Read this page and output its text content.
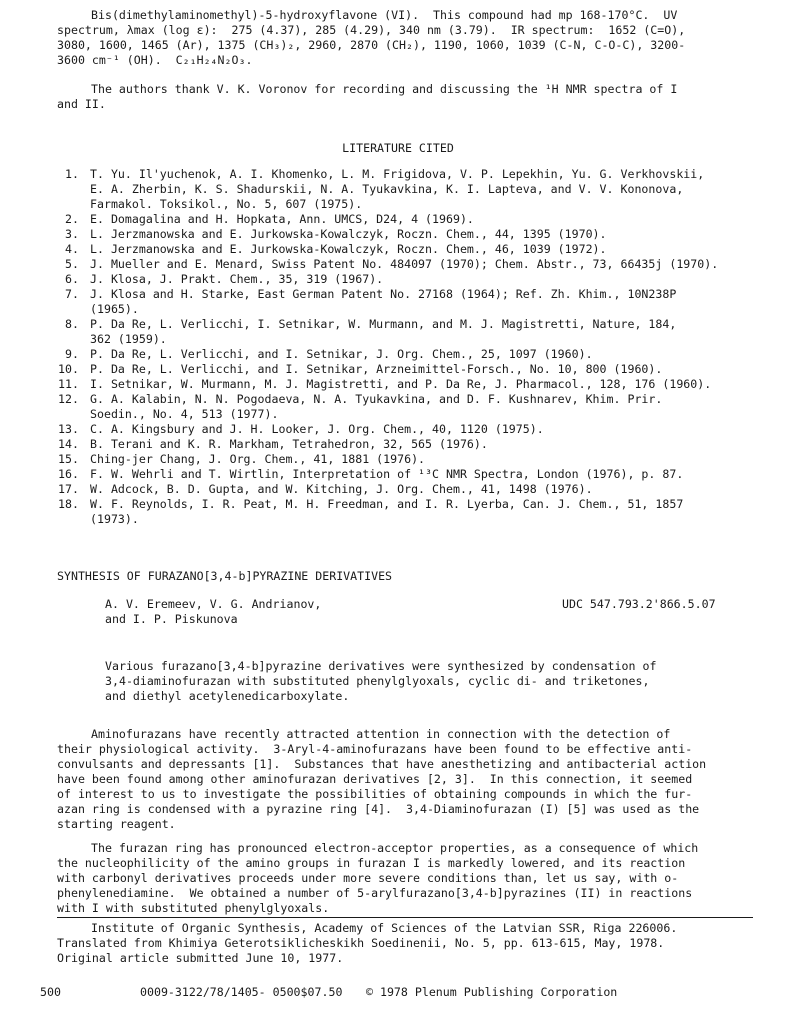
Bis(dimethylaminomethyl)-5-hydroxyflavone (VI).  This compound had mp 168-170°C.  UV
spectrum, λmax (log ε):  275 (4.37), 285 (4.29), 340 nm (3.79).  IR spectrum:  1652 (C=O),
3080, 1600, 1465 (Ar), 1375 (CH₃)₂, 2960, 2870 (CH₂), 1190, 1060, 1039 (C-N, C-O-C), 3200-
3600 cm⁻¹ (OH).  C₂₁H₂₄N₂O₃.
The authors thank V. K. Voronov for recording and discussing the ¹H NMR spectra of I
and II.
LITERATURE CITED
1. T. Yu. Il'yuchenok, A. I. Khomenko, L. M. Frigidova, V. P. Lepekhin, Yu. G. Verkhovskii,
E. A. Zherbin, K. S. Shadurskii, N. A. Tyukavkina, K. I. Lapteva, and V. V. Kononova,
Farmakol. Toksikol., No. 5, 607 (1975).
2. E. Domagalina and H. Hopkata, Ann. UMCS, D24, 4 (1969).
3. L. Jerzmanowska and E. Jurkowska-Kowalczyk, Roczn. Chem., 44, 1395 (1970).
4. L. Jerzmanowska and E. Jurkowska-Kowalczyk, Roczn. Chem., 46, 1039 (1972).
5. J. Mueller and E. Menard, Swiss Patent No. 484097 (1970); Chem. Abstr., 73, 66435j (1970).
6. J. Klosa, J. Prakt. Chem., 35, 319 (1967).
7. J. Klosa and H. Starke, East German Patent No. 27168 (1964); Ref. Zh. Khim., 10N238P
(1965).
8. P. Da Re, L. Verlicchi, I. Setnikar, W. Murmann, and M. J. Magistretti, Nature, 184,
362 (1959).
9. P. Da Re, L. Verlicchi, and I. Setnikar, J. Org. Chem., 25, 1097 (1960).
10. P. Da Re, L. Verlicchi, and I. Setnikar, Arzneimittel-Forsch., No. 10, 800 (1960).
11. I. Setnikar, W. Murmann, M. J. Magistretti, and P. Da Re, J. Pharmacol., 128, 176 (1960).
12. G. A. Kalabin, N. N. Pogodaeva, N. A. Tyukavkina, and D. F. Kushnarev, Khim. Prir.
Soedin., No. 4, 513 (1977).
13. C. A. Kingsbury and J. H. Looker, J. Org. Chem., 40, 1120 (1975).
14. B. Terani and K. R. Markham, Tetrahedron, 32, 565 (1976).
15. Ching-jer Chang, J. Org. Chem., 41, 1881 (1976).
16. F. W. Wehrli and T. Wirtlin, Interpretation of ¹³C NMR Spectra, London (1976), p. 87.
17. W. Adcock, B. D. Gupta, and W. Kitching, J. Org. Chem., 41, 1498 (1976).
18. W. F. Reynolds, I. R. Peat, M. H. Freedman, and I. R. Lyerba, Can. J. Chem., 51, 1857
(1973).
SYNTHESIS OF FURAZANO[3,4-b]PYRAZINE DERIVATIVES
A. V. Eremeev, V. G. Andrianov,
and I. P. Piskunova
UDC 547.793.2'866.5.07
Various furazano[3,4-b]pyrazine derivatives were synthesized by condensation of
3,4-diaminofurazan with substituted phenylglyoxals, cyclic di- and triketones,
and diethyl acetylenedicarboxylate.
Aminofurazans have recently attracted attention in connection with the detection of
their physiological activity.  3-Aryl-4-aminofurazans have been found to be effective anti-
convulsants and depressants [1].  Substances that have anesthetizing and antibacterial action
have been found among other aminofurazan derivatives [2, 3].  In this connection, it seemed
of interest to us to investigate the possibilities of obtaining compounds in which the fur-
azan ring is condensed with a pyrazine ring [4].  3,4-Diaminofurazan (I) [5] was used as the
starting reagent.
The furazan ring has pronounced electron-acceptor properties, as a consequence of which
the nucleophilicity of the amino groups in furazan I is markedly lowered, and its reaction
with carbonyl derivatives proceeds under more severe conditions than, let us say, with o-
phenylenediamine.  We obtained a number of 5-arylfurazano[3,4-b]pyrazines (II) in reactions
with I with substituted phenylglyoxals.
Institute of Organic Synthesis, Academy of Sciences of the Latvian SSR, Riga 226006.
Translated from Khimiya Geterotsiklicheskikh Soedinenii, No. 5, pp. 613-615, May, 1978.
Original article submitted June 10, 1977.
500	0009-3122/78/1405- 0500$07.50 © 1978 Plenum Publishing Corporation
